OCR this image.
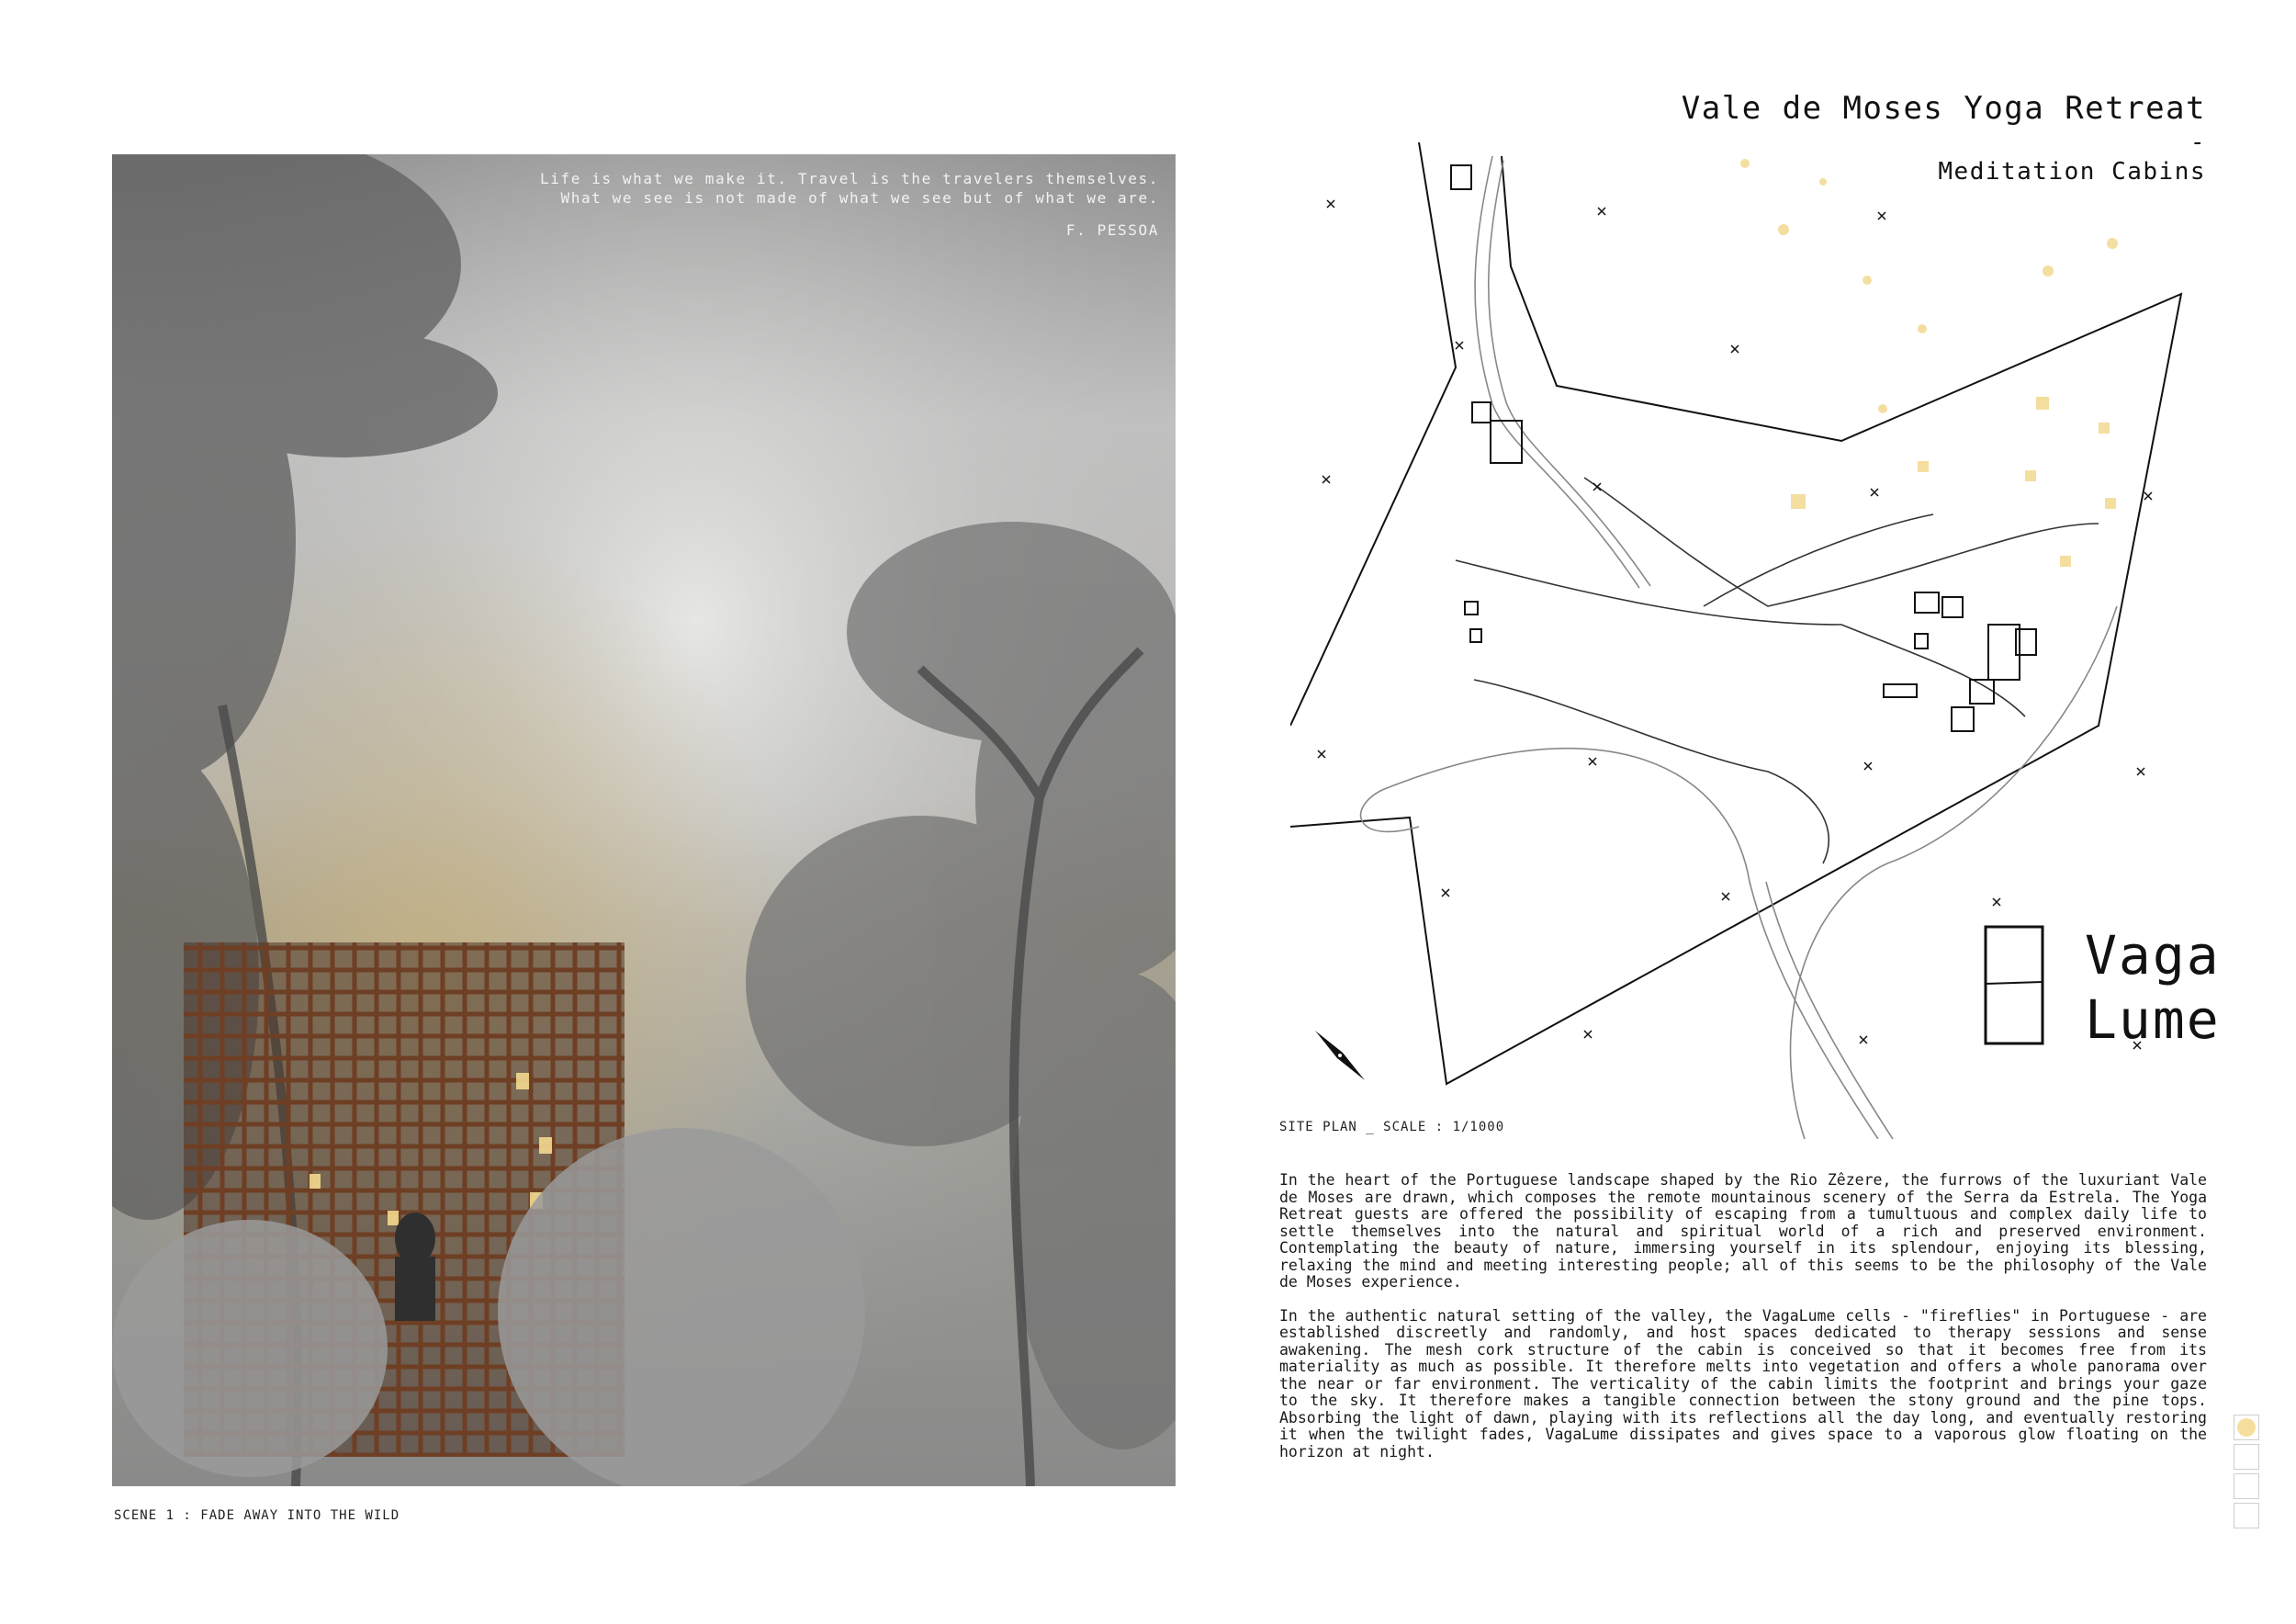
Life is what we make it. Travel is the travelers themselves.
What we see is not made of what we see but of what we are.
F. PESSOA
SCENE 1 : FADE AWAY INTO THE WILD
Vale de Moses Yoga Retreat
-
Meditation Cabins
SITE PLAN _ SCALE : 1/1000
Vaga
Lume

In the heart of the Portuguese landscape shaped by the Rio Zêzere, the furrows of the luxuriant Vale de Moses are drawn, which composes the remote mountainous scenery of the Serra da Estrela. The Yoga Retreat guests are offered the possibility of escaping from a tumultuous and complex daily life to settle themselves into the natural and spiritual world of a rich and preserved environment. Contemplating the beauty of nature, immersing yourself in its splendour, enjoying its blessing, relaxing the mind and meeting interesting people; all of this seems to be the philosophy of the Vale de Moses experience.

In the authentic natural setting of the valley, the VagaLume cells - "fireflies" in Portuguese - are established discreetly and randomly, and host spaces dedicated to therapy sessions and sense awakening. The mesh cork structure of the cabin is conceived so that it becomes free from its materiality as much as possible. It therefore melts into vegetation and offers a whole panorama over the near or far environment. The verticality of the cabin limits the footprint and brings your gaze to the sky. It therefore makes a tangible connection between the stony ground and the pine tops. Absorbing the light of dawn, playing with its reflections all the day long, and eventually restoring it when the twilight fades, VagaLume dissipates and gives space to a vaporous glow floating on the horizon at night.
